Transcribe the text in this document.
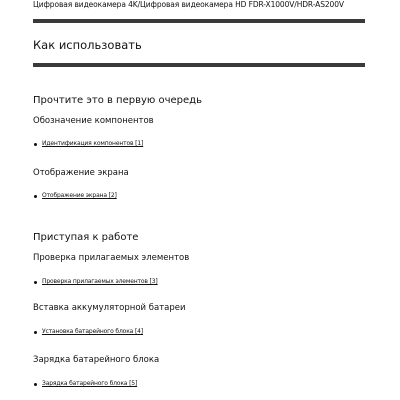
Цифровая видеокамера 4K/Цифровая видеокамера HD FDR-X1000V/HDR-AS200V
Как использовать
Прочтите это в первую очередь
Обозначение компонентов
Идентификация компонентов [1]
Отображение экрана
Отображение экрана [2]
Приступая к работе
Проверка прилагаемых элементов
Проверка прилагаемых элементов [3]
Вставка аккумуляторной батареи
Установка батарейного блока [4]
Зарядка батарейного блока
Зарядка батарейного блока [5]
